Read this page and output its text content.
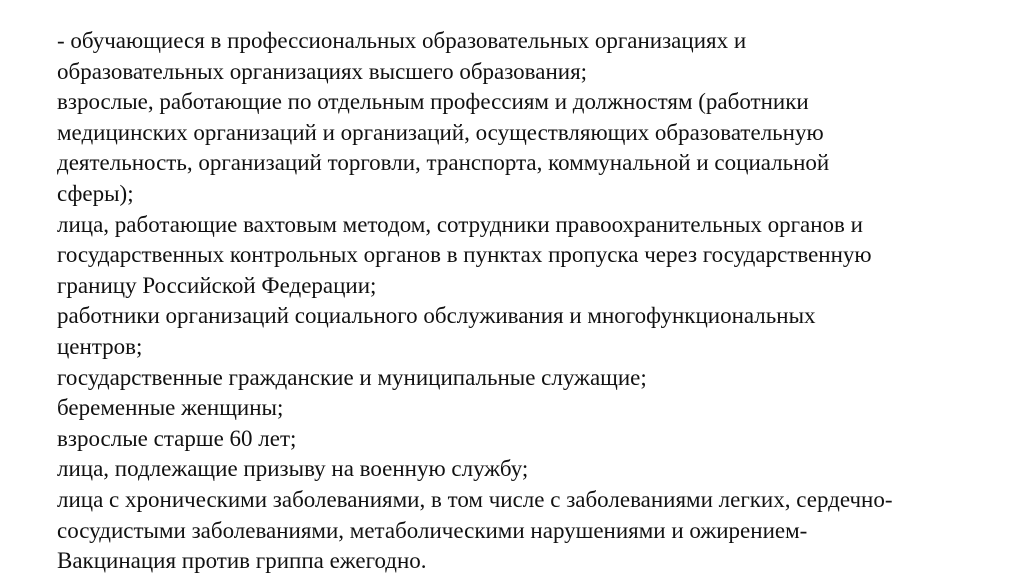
- обучающиеся в профессиональных образовательных организациях и
образовательных организациях высшего образования;
взрослые, работающие по отдельным профессиям и должностям (работники
медицинских организаций и организаций, осуществляющих образовательную
деятельность, организаций торговли, транспорта, коммунальной и социальной
сферы);
лица, работающие вахтовым методом, сотрудники правоохранительных органов и
государственных контрольных органов в пунктах пропуска через государственную
границу Российской Федерации;
работники организаций социального обслуживания и многофункциональных
центров;
государственные гражданские и муниципальные служащие;
беременные женщины;
взрослые старше 60 лет;
лица, подлежащие призыву на военную службу;
лица с хроническими заболеваниями, в том числе с заболеваниями легких, сердечно-
сосудистыми заболеваниями, метаболическими нарушениями и ожирением-
Вакцинация против гриппа ежегодно.
